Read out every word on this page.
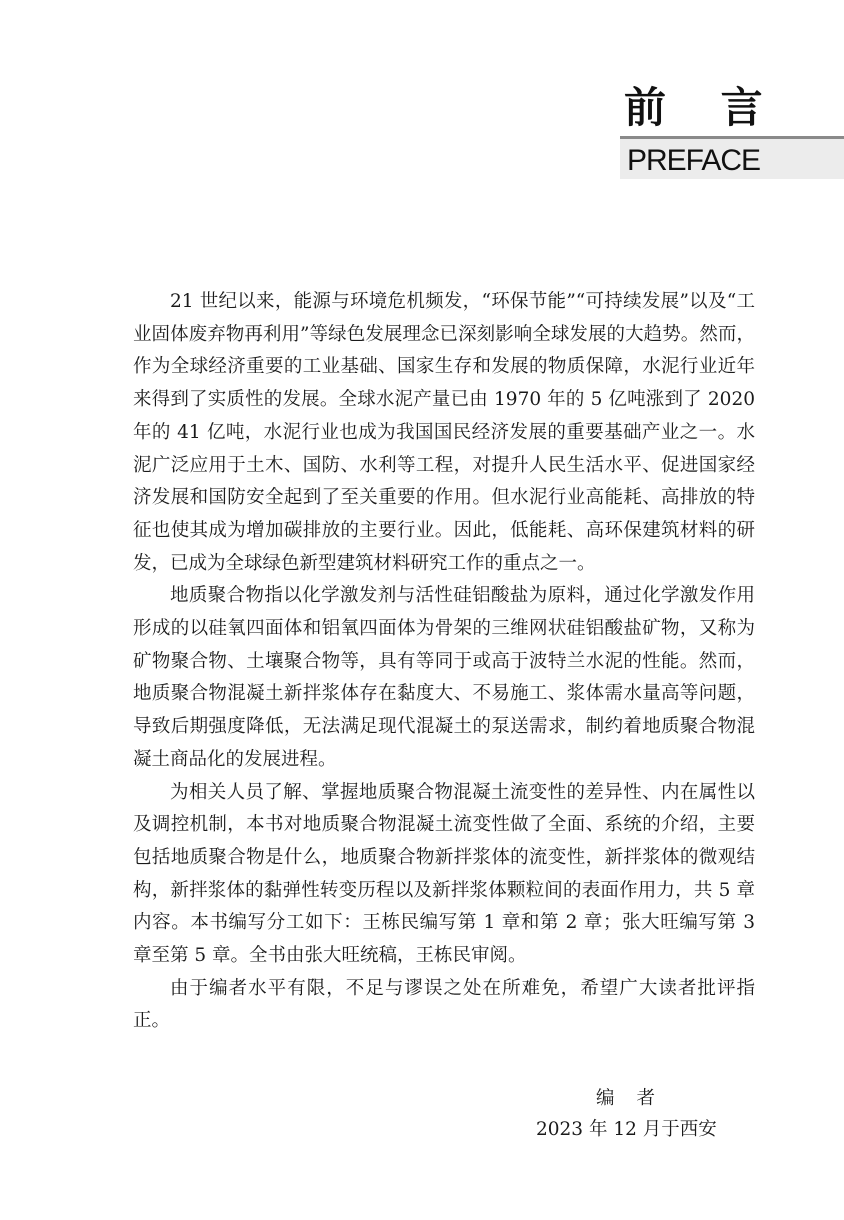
前 言
PREFACE

21 世纪以来，能源与环境危机频发，“环保节能”“可持续发展”以及“工业固体废弃物再利用”等绿色发展理念已深刻影响全球发展的大趋势。然而，作为全球经济重要的工业基础、国家生存和发展的物质保障，水泥行业近年来得到了实质性的发展。全球水泥产量已由 1970 年的 5 亿吨涨到了 2020 年的 41 亿吨，水泥行业也成为我国国民经济发展的重要基础产业之一。水泥广泛应用于土木、国防、水利等工程，对提升人民生活水平、促进国家经济发展和国防安全起到了至关重要的作用。但水泥行业高能耗、高排放的特征也使其成为增加碳排放的主要行业。因此，低能耗、高环保建筑材料的研发，已成为全球绿色新型建筑材料研究工作的重点之一。

地质聚合物指以化学激发剂与活性硅铝酸盐为原料，通过化学激发作用形成的以硅氧四面体和铝氧四面体为骨架的三维网状硅铝酸盐矿物，又称为矿物聚合物、土壤聚合物等，具有等同于或高于波特兰水泥的性能。然而，地质聚合物混凝土新拌浆体存在黏度大、不易施工、浆体需水量高等问题，导致后期强度降低，无法满足现代混凝土的泵送需求，制约着地质聚合物混凝土商品化的发展进程。

为相关人员了解、掌握地质聚合物混凝土流变性的差异性、内在属性以及调控机制，本书对地质聚合物混凝土流变性做了全面、系统的介绍，主要包括地质聚合物是什么，地质聚合物新拌浆体的流变性，新拌浆体的微观结构，新拌浆体的黏弹性转变历程以及新拌浆体颗粒间的表面作用力，共 5 章内容。本书编写分工如下：王栋民编写第 1 章和第 2 章；张大旺编写第 3 章至第 5 章。全书由张大旺统稿，王栋民审阅。

由于编者水平有限，不足与谬误之处在所难免，希望广大读者批评指正。

编者
2023 年 12 月于西安
